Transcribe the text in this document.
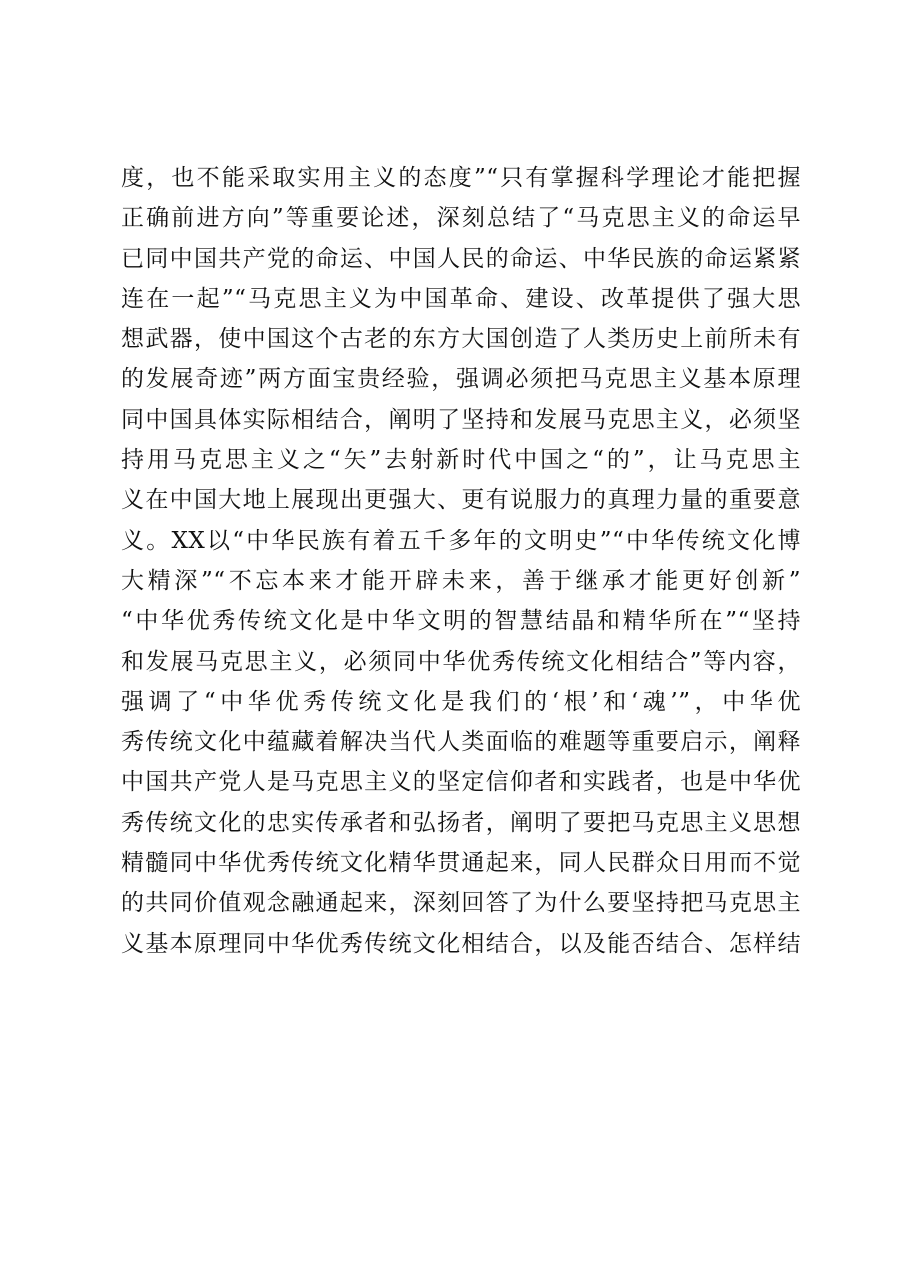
度，也不能采取实用主义的态度”“只有掌握科学理论才能把握
正确前进方向”等重要论述，深刻总结了“马克思主义的命运早
已同中国共产党的命运、中国人民的命运、中华民族的命运紧紧
连在一起”“马克思主义为中国革命、建设、改革提供了强大思
想武器，使中国这个古老的东方大国创造了人类历史上前所未有
的发展奇迹”两方面宝贵经验，强调必须把马克思主义基本原理
同中国具体实际相结合，阐明了坚持和发展马克思主义，必须坚
持用马克思主义之“矢”去射新时代中国之“的”，让马克思主
义在中国大地上展现出更强大、更有说服力的真理力量的重要意
义。XX以“中华民族有着五千多年的文明史”“中华传统文化博
大精深”“不忘本来才能开辟未来，善于继承才能更好创新”
“中华优秀传统文化是中华文明的智慧结晶和精华所在”“坚持
和发展马克思主义，必须同中华优秀传统文化相结合”等内容，
强调了“中华优秀传统文化是我们的‘根’和‘魂’”，中华优
秀传统文化中蕴藏着解决当代人类面临的难题等重要启示，阐释
中国共产党人是马克思主义的坚定信仰者和实践者，也是中华优
秀传统文化的忠实传承者和弘扬者，阐明了要把马克思主义思想
精髓同中华优秀传统文化精华贯通起来，同人民群众日用而不觉
的共同价值观念融通起来，深刻回答了为什么要坚持把马克思主
义基本原理同中华优秀传统文化相结合，以及能否结合、怎样结
